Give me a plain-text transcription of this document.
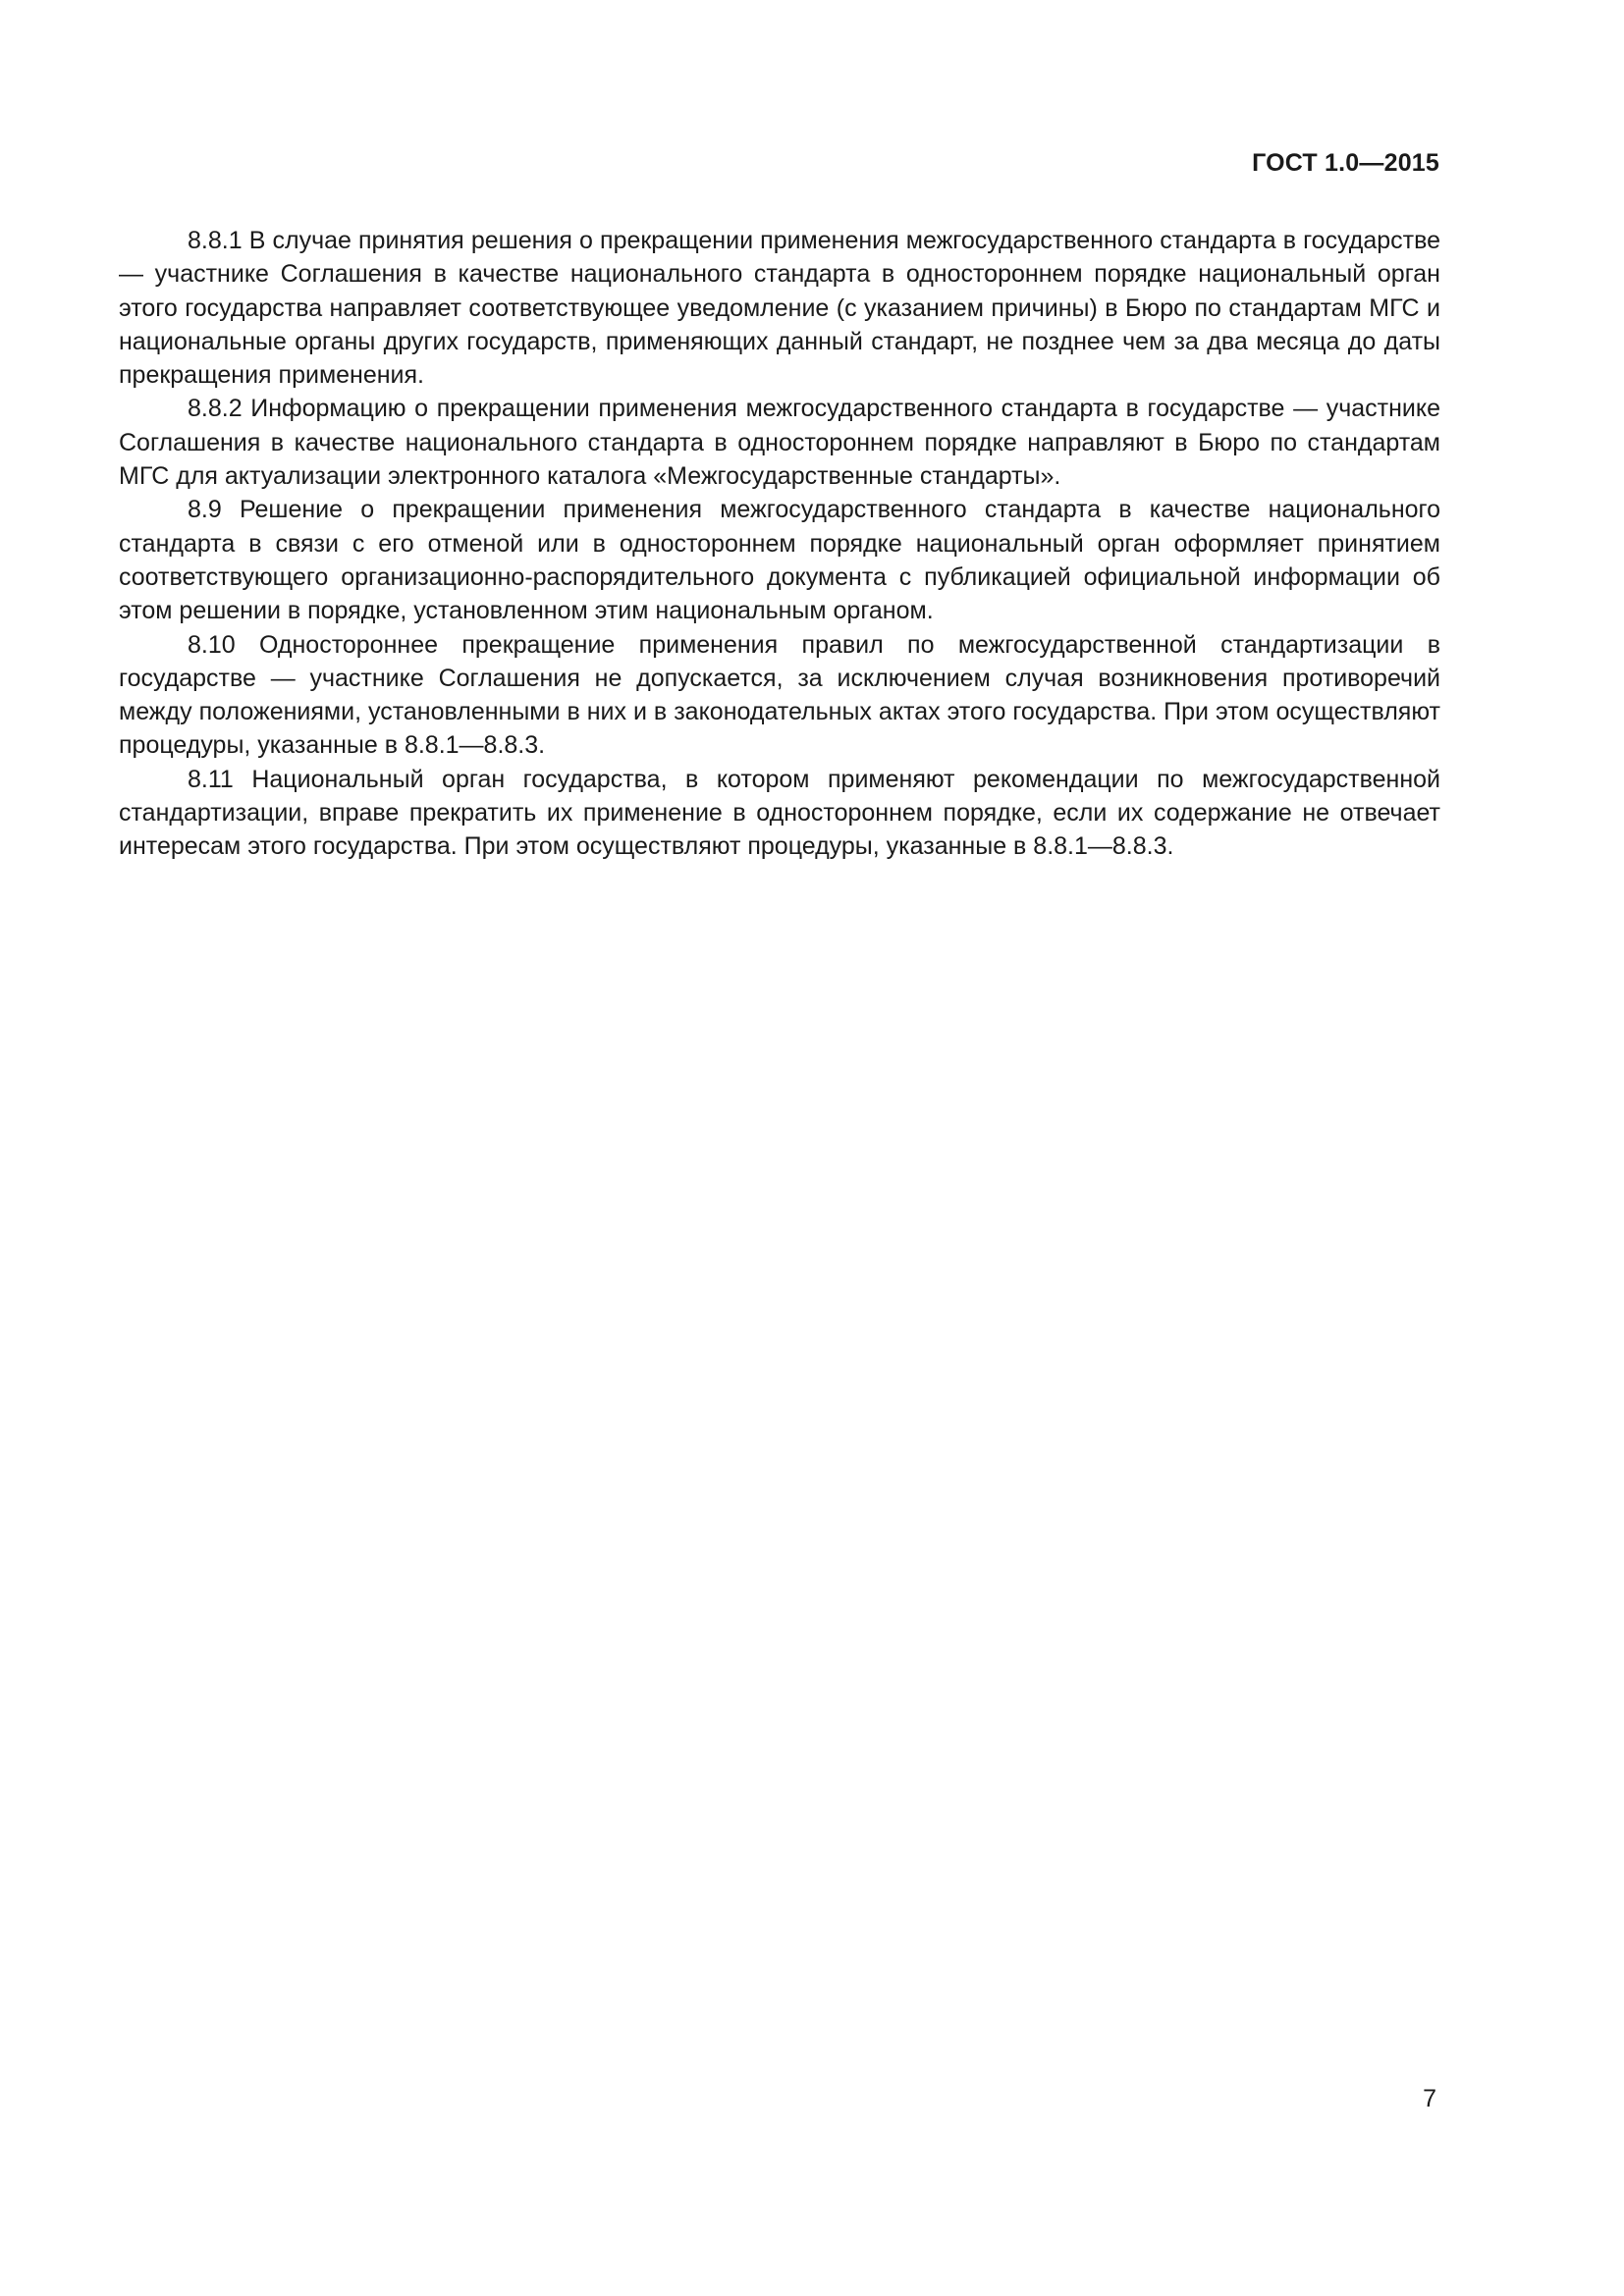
ГОСТ 1.0—2015

8.8.1 В случае принятия решения о прекращении применения межгосударственного стандарта в государстве — участнике Соглашения в качестве национального стандарта в одностороннем порядке национальный орган этого государства направляет соответствующее уведомление (с указанием причины) в Бюро по стандартам МГС и национальные органы других государств, применяющих данный стандарт, не позднее чем за два месяца до даты прекращения применения.

8.8.2 Информацию о прекращении применения межгосударственного стандарта в государстве — участнике Соглашения в качестве национального стандарта в одностороннем порядке направляют в Бюро по стандартам МГС для актуализации электронного каталога «Межгосударственные стандарты».

8.9 Решение о прекращении применения межгосударственного стандарта в качестве национального стандарта в связи с его отменой или в одностороннем порядке национальный орган оформляет принятием соответствующего организационно-распорядительного документа с публикацией официальной информации об этом решении в порядке, установленном этим национальным органом.

8.10 Одностороннее прекращение применения правил по межгосударственной стандартизации в государстве — участнике Соглашения не допускается, за исключением случая возникновения противоречий между положениями, установленными в них и в законодательных актах этого государства. При этом осуществляют процедуры, указанные в 8.8.1—8.8.3.

8.11 Национальный орган государства, в котором применяют рекомендации по межгосударственной стандартизации, вправе прекратить их применение в одностороннем порядке, если их содержание не отвечает интересам этого государства. При этом осуществляют процедуры, указанные в 8.8.1—8.8.3.

7
